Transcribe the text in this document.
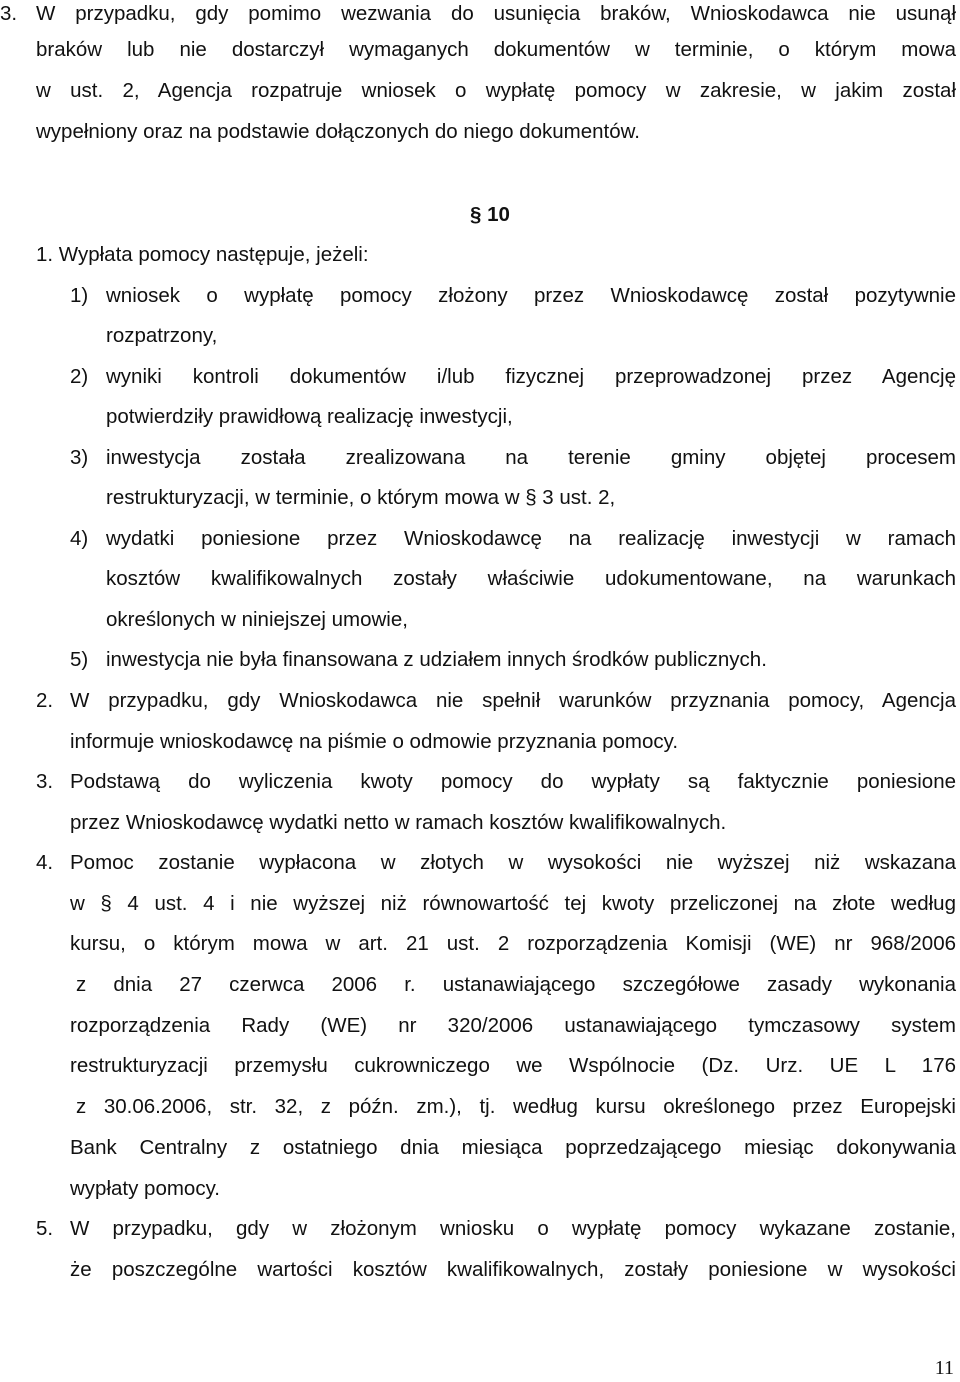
3. W przypadku, gdy pomimo wezwania do usunięcia braków, Wnioskodawca nie usunął
braków lub nie dostarczył wymaganych dokumentów w terminie, o którym mowa
w ust. 2, Agencja rozpatruje wniosek o wypłatę pomocy w zakresie, w jakim został
wypełniony oraz na podstawie dołączonych do niego dokumentów.
§ 10
1. Wypłata pomocy następuje, jeżeli:
1) wniosek o wypłatę pomocy złożony przez Wnioskodawcę został pozytywnie
rozpatrzony,
2) wyniki kontroli dokumentów i/lub fizycznej przeprowadzonej przez Agencję
potwierdziły prawidłową realizację inwestycji,
3) inwestycja została zrealizowana na terenie gminy objętej procesem
restrukturyzacji, w terminie, o którym mowa w § 3 ust. 2,
4) wydatki poniesione przez Wnioskodawcę na realizację inwestycji w ramach
kosztów kwalifikowalnych zostały właściwie udokumentowane, na warunkach
określonych w niniejszej umowie,
5) inwestycja nie była finansowana z udziałem innych środków publicznych.
2. W przypadku, gdy Wnioskodawca nie spełnił warunków przyznania pomocy, Agencja
informuje wnioskodawcę na piśmie o odmowie przyznania pomocy.
3. Podstawą do wyliczenia kwoty pomocy do wypłaty są faktycznie poniesione
przez Wnioskodawcę wydatki netto w ramach kosztów kwalifikowalnych.
4. Pomoc zostanie wypłacona w złotych w wysokości nie wyższej niż wskazana
w § 4 ust. 4 i nie wyższej niż równowartość tej kwoty przeliczonej na złote według
kursu, o którym mowa w art. 21 ust. 2 rozporządzenia Komisji (WE) nr 968/2006
z dnia 27 czerwca 2006 r. ustanawiającego szczegółowe zasady wykonania
rozporządzenia Rady (WE) nr 320/2006 ustanawiającego tymczasowy system
restrukturyzacji przemysłu cukrowniczego we Wspólnocie (Dz. Urz. UE L 176
z 30.06.2006, str. 32, z późn. zm.), tj. według kursu określonego przez Europejski
Bank Centralny z ostatniego dnia miesiąca poprzedzającego miesiąc dokonywania
wypłaty pomocy.
5. W przypadku, gdy w złożonym wniosku o wypłatę pomocy wykazane zostanie,
że poszczególne wartości kosztów kwalifikowalnych, zostały poniesione w wysokości
11
